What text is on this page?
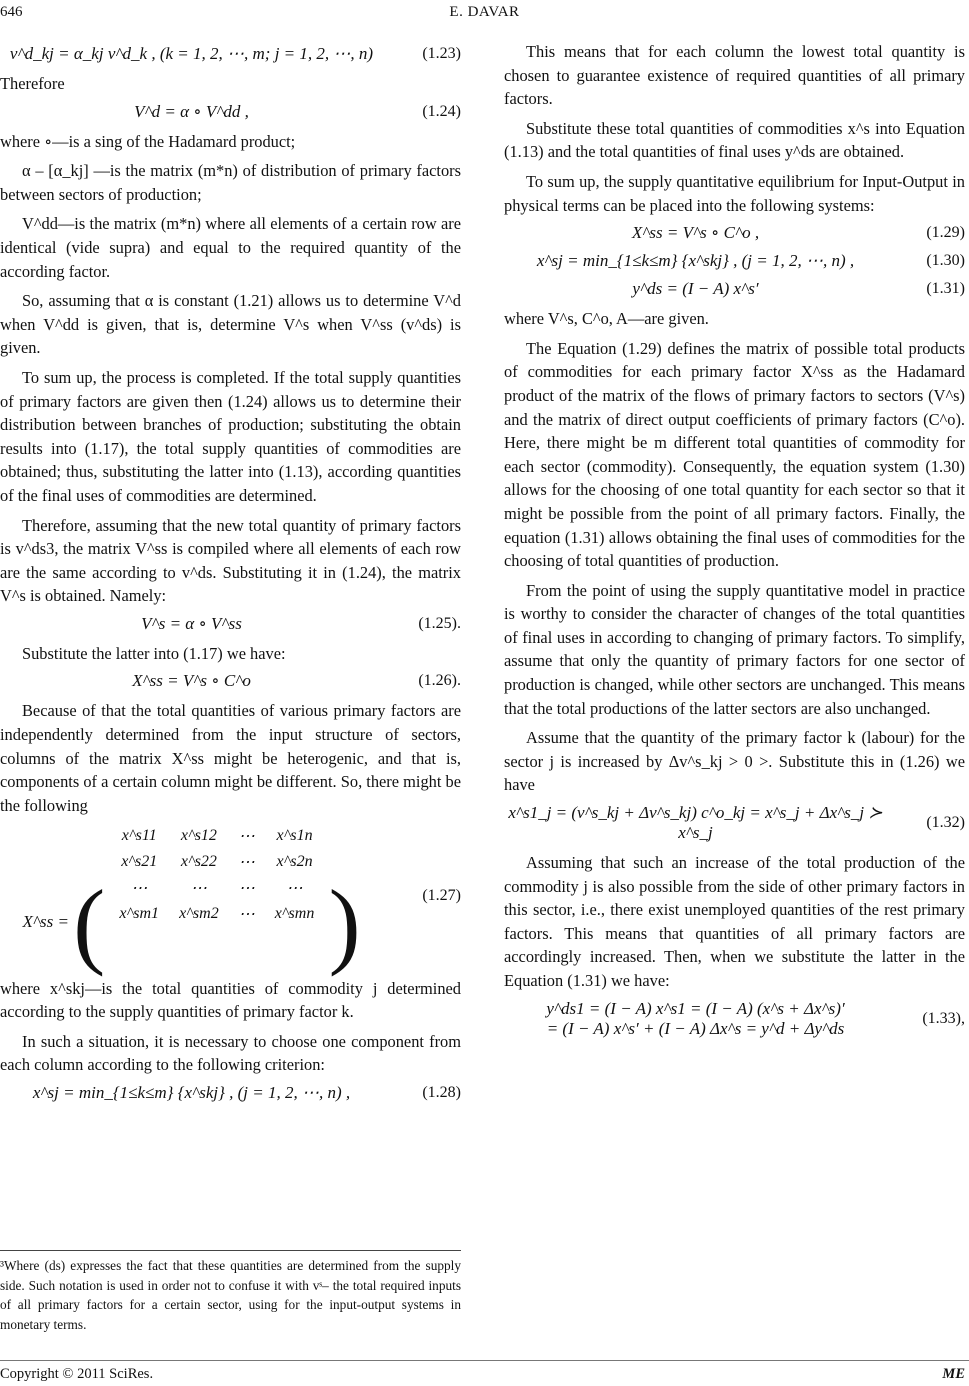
646	E. DAVAR
v^d_kj = α_kj v^d_k , (k = 1, 2, ⋯, m; j = 1, 2, ⋯, n)	(1.23)

Therefore

V^d = α ∘ V^dd ,	(1.24)

where ∘—is a sing of the Hadamard product;

α – [α_kj] —is the matrix (m*n) of distribution of primary factors between sectors of production;

V^dd—is the matrix (m*n) where all elements of a certain row are identical (vide supra) and equal to the required quantity of the according factor.

So, assuming that α is constant (1.21) allows us to determine V^d when V^dd is given, that is, determine V^s when V^ss (v^ds) is given.

To sum up, the process is completed. If the total supply quantities of primary factors are given then (1.24) allows us to determine their distribution between branches of production; substituting the obtain results into (1.17), the total supply quantities of commodities are obtained; thus, substituting the latter into (1.13), according quantities of the final uses of commodities are determined.

Therefore, assuming that the new total quantity of primary factors is v^ds3, the matrix V^ss is compiled where all elements of each row are the same according to v^ds. Substituting it in (1.24), the matrix V^s is obtained. Namely:

V^s = α ∘ V^ss	(1.25).

Substitute the latter into (1.17) we have:

X^ss = V^s ∘ C^o	(1.26).

Because of that the total quantities of various primary factors are independently determined from the input structure of sectors, columns of the matrix X^ss might be heterogenic, and that is, components of a certain column might be different. So, there might be the following

X^ss = (
x^s11	x^s12	⋯	x^s1n
x^s21	x^s22	⋯	x^s2n
⋯	⋯	⋯	⋯
x^sm1	x^sm2	⋯	x^smn )	(1.27)

where x^skj—is the total quantities of commodity j determined according to the supply quantities of primary factor k.

In such a situation, it is necessary to choose one component from each column according to the following criterion:

x^sj = min_{1≤k≤m} {x^skj} , (j = 1, 2, ⋯, n) ,	(1.28)
³Where (ds) expresses the fact that these quantities are determined from the supply side. Such notation is used in order not to confuse it with vˢ– the total required inputs of all primary factors for a certain sector, using for the input-output systems in monetary terms.

This means that for each column the lowest total quantity is chosen to guarantee existence of required quantities of all primary factors.

Substitute these total quantities of commodities x^s into Equation (1.13) and the total quantities of final uses y^ds are obtained.

To sum up, the supply quantitative equilibrium for Input-Output in physical terms can be placed into the following systems:

X^ss = V^s ∘ C^o ,	(1.29)
x^sj = min_{1≤k≤m} {x^skj} , (j = 1, 2, ⋯, n) ,	(1.30)
y^ds = (I − A) x^s′	(1.31)

where V^s, C^o, A—are given.

The Equation (1.29) defines the matrix of possible total products of commodities for each primary factor X^ss as the Hadamard product of the matrix of the flows of primary factors to sectors (V^s) and the matrix of direct output coefficients of primary factors (C^o). Here, there might be m different total quantities of commodity for each sector (commodity). Consequently, the equation system (1.30) allows for the choosing of one total quantity for each sector so that it might be possible from the point of all primary factors. Finally, the equation (1.31) allows obtaining the final uses of commodities for the choosing of total quantities of production.

From the point of using the supply quantitative model in practice is worthy to consider the character of changes of the total quantities of final uses in according to changing of primary factors. To simplify, assume that only the quantity of primary factors for one sector of production is changed, while other sectors are unchanged. This means that the total productions of the latter sectors are also unchanged.

Assume that the quantity of the primary factor k (labour) for the sector j is increased by Δv^s_kj > 0 >. Substitute this in (1.26) we have

x^s1_j = (v^s_kj + Δv^s_kj) c^o_kj = x^s_j + Δx^s_j ≻ x^s_j
(1.32)

Assuming that such an increase of the total production of the commodity j is also possible from the side of other primary factors in this sector, i.e., there exist unemployed quantities of the rest primary factors. This means that quantities of all primary factors are accordingly increased. Then, when we substitute the latter in the Equation (1.31) we have:

y^ds1 = (I − A) x^s1 = (I − A) (x^s + Δx^s)′
= (I − A) x^s′ + (I − A) Δx^s = y^d + Δy^ds
(1.33),
Copyright © 2011 SciRes.	ME
